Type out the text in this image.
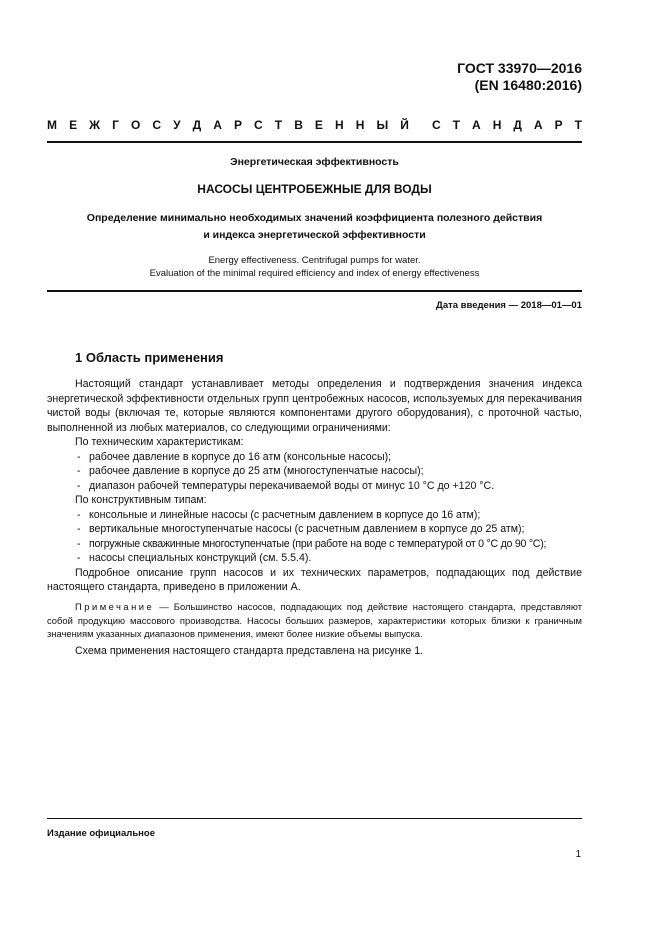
ГОСТ 33970—2016
(EN 16480:2016)
М Е Ж Г О С У Д А Р С Т В Е Н Н Ы Й С Т А Н Д А Р Т
Энергетическая эффективность
НАСОСЫ ЦЕНТРОБЕЖНЫЕ ДЛЯ ВОДЫ
Определение минимально необходимых значений коэффициента полезного действия
и индекса энергетической эффективности
Energy effectiveness. Centrifugal pumps for water.
Evaluation of the minimal required efficiency and index of energy effectiveness
Дата введения — 2018—01—01
1 Область применения

Настоящий стандарт устанавливает методы определения и подтверждения значения индекса энергетической эффективности отдельных групп центробежных насосов, используемых для перекачивания чистой воды (включая те, которые являются компонентами другого оборудования), с проточной частью, выполненной из любых материалов, со следующими ограничениями:

По техническим характеристикам:

- рабочее давление в корпусе до 16 атм (консольные насосы);

- рабочее давление в корпусе до 25 атм (многоступенчатые насосы);

- диапазон рабочей температуры перекачиваемой воды от минус 10 °С до +120 °С.

По конструктивным типам:

- консольные и линейные насосы (с расчетным давлением в корпусе до 16 атм);

- вертикальные многоступенчатые насосы (с расчетным давлением в корпусе до 25 атм);

- погружные скважинные многоступенчатые (при работе на воде с температурой от 0 °С до 90 °С);

- насосы специальных конструкций (см. 5.5.4).

Подробное описание групп насосов и их технических параметров, подпадающих под действие настоящего стандарта, приведено в приложении А.

Примечание — Большинство насосов, подпадающих под действие настоящего стандарта, представляют собой продукцию массового производства. Насосы больших размеров, характеристики которых близки к граничным значениям указанных диапазонов применения, имеют более низкие объемы выпуска.
Схема применения настоящего стандарта представлена на рисунке 1.
Издание официальное
1
